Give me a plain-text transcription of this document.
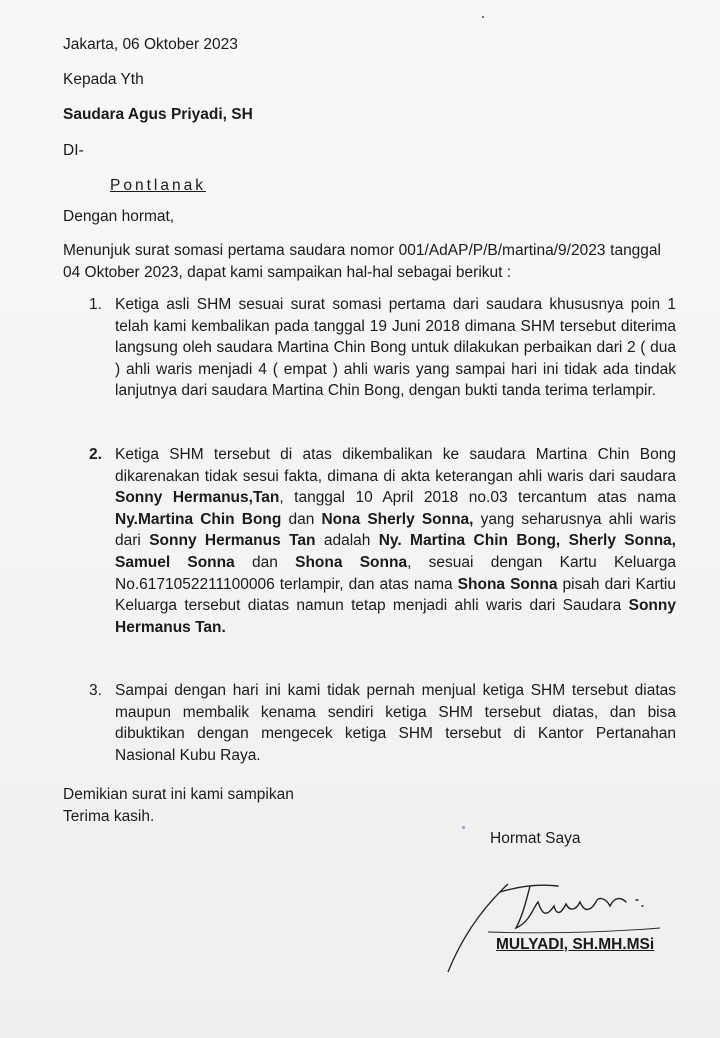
Jakarta, 06 Oktober 2023
Kepada Yth
Saudara Agus Priyadi, SH
DI-
Pontlanak
Dengan hormat,
Menunjuk surat somasi pertama saudara nomor 001/AdAP/P/B/martina/9/2023 tanggal 04 Oktober 2023, dapat kami sampaikan hal-hal sebagai berikut :
1. Ketiga asli SHM sesuai surat somasi pertama dari saudara khususnya poin 1 telah kami kembalikan pada tanggal 19 Juni 2018 dimana SHM tersebut diterima langsung oleh saudara Martina Chin Bong untuk dilakukan perbaikan dari 2 ( dua ) ahli waris menjadi 4 ( empat ) ahli waris yang sampai hari ini tidak ada tindak lanjutnya dari saudara Martina Chin Bong, dengan bukti tanda terima terlampir.
2. Ketiga SHM tersebut di atas dikembalikan ke saudara Martina Chin Bong dikarenakan tidak sesui fakta, dimana di akta keterangan ahli waris dari saudara Sonny Hermanus,Tan, tanggal 10 April 2018 no.03 tercantum atas nama Ny.Martina Chin Bong dan Nona Sherly Sonna, yang seharusnya ahli waris dari Sonny Hermanus Tan adalah Ny. Martina Chin Bong, Sherly Sonna, Samuel Sonna dan Shona Sonna, sesuai dengan Kartu Keluarga No.6171052211100006 terlampir, dan atas nama Shona Sonna pisah dari Kartiu Keluarga tersebut diatas namun tetap menjadi ahli waris dari Saudara Sonny Hermanus Tan.
3. Sampai dengan hari ini kami tidak pernah menjual ketiga SHM tersebut diatas maupun membalik kenama sendiri ketiga SHM tersebut diatas, dan bisa dibuktikan dengan mengecek ketiga SHM tersebut di Kantor Pertanahan Nasional Kubu Raya.
Demikian surat ini kami sampikan
Terima kasih.
Hormat Saya
MULYADI, SH.MH.MSi
